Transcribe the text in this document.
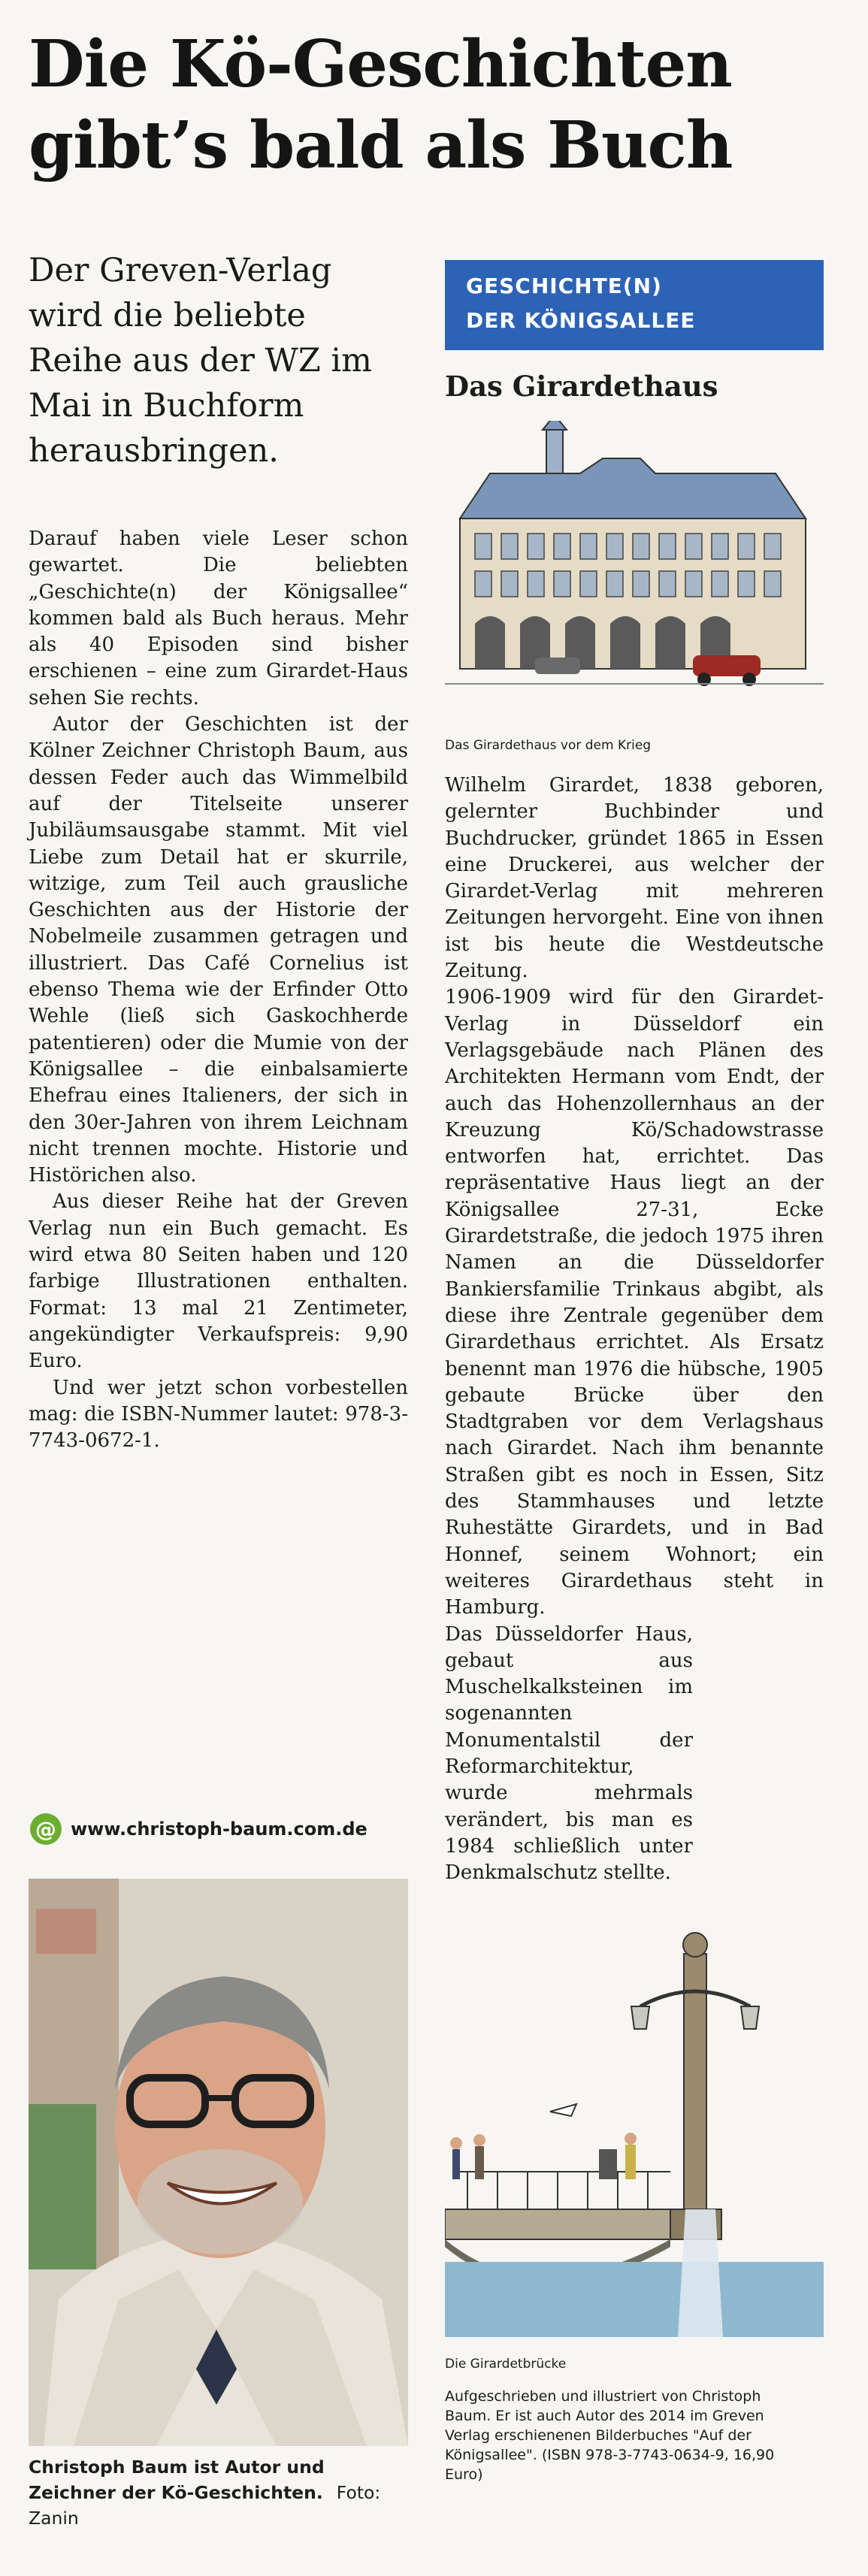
Die Kö-Geschichten gibt’s bald als Buch
Der Greven-Verlag wird die beliebte Reihe aus der WZ im Mai in Buchform herausbringen.

Darauf haben viele Leser schon gewartet. Die beliebten „Geschichte(n) der Königsallee“ kommen bald als Buch heraus. Mehr als 40 Episoden sind bisher erschienen – eine zum Girardet-Haus sehen Sie rechts.

Autor der Geschichten ist der Kölner Zeichner Christoph Baum, aus dessen Feder auch das Wimmelbild auf der Titelseite unserer Jubiläumsausgabe stammt. Mit viel Liebe zum Detail hat er skurrile, witzige, zum Teil auch grausliche Geschichten aus der Historie der Nobelmeile zusammen getragen und illustriert. Das Café Cornelius ist ebenso Thema wie der Erfinder Otto Wehle (ließ sich Gaskochherde patentieren) oder die Mumie von der Königsallee – die einbalsamierte Ehefrau eines Italieners, der sich in den 30er-Jahren von ihrem Leichnam nicht trennen mochte. Historie und Histörichen also.

Aus dieser Reihe hat der Greven Verlag nun ein Buch gemacht. Es wird etwa 80 Seiten haben und 120 farbige Illustrationen enthalten. Format: 13 mal 21 Zentimeter, angekündigter Verkaufspreis: 9,90 Euro.

Und wer jetzt schon vorbestellen mag: die ISBN-Nummer lautet: 978-3-7743-0672-1.

@ www.christoph-baum.com.de
Christoph Baum ist Autor und Zeichner der Kö-Geschichten. Foto: Zanin
GESCHICHTE(N)
DER KÖNIGSALLEE
Das Girardethaus
Das Girardethaus vor dem Krieg

Wilhelm Girardet, 1838 geboren, gelernter Buchbinder und Buchdrucker, gründet 1865 in Essen eine Druckerei, aus welcher der Girardet-Verlag mit mehreren Zeitungen hervorgeht. Eine von ihnen ist bis heute die Westdeutsche Zeitung.

1906-1909 wird für den Girardet-Verlag in Düsseldorf ein Verlagsgebäude nach Plänen des Architekten Hermann vom Endt, der auch das Hohenzollernhaus an der Kreuzung Kö/Schadowstrasse entworfen hat, errichtet. Das repräsentative Haus liegt an der Königsallee 27-31, Ecke Girardetstraße, die jedoch 1975 ihren Namen an die Düsseldorfer Bankiersfamilie Trinkaus abgibt, als diese ihre Zentrale gegenüber dem Girardethaus errichtet. Als Ersatz benennt man 1976 die hübsche, 1905 gebaute Brücke über den Stadtgraben vor dem Verlagshaus nach Girardet. Nach ihm benannte Straßen gibt es noch in Essen, Sitz des Stammhauses und letzte Ruhestätte Girardets, und in Bad Honnef, seinem Wohnort; ein weiteres Girardethaus steht in Hamburg.

Das Düsseldorfer Haus, gebaut aus Muschelkalksteinen im sogenannten Monumentalstil der Reformarchitektur, wurde mehrmals verändert, bis man es 1984 schließlich unter Denkmalschutz stellte.

Die Girardetbrücke
Aufgeschrieben und illustriert von Christoph Baum. Er ist auch Autor des 2014 im Greven Verlag erschienenen Bilderbuches "Auf der Königsallee". (ISBN 978-3-7743-0634-9, 16,90 Euro)
